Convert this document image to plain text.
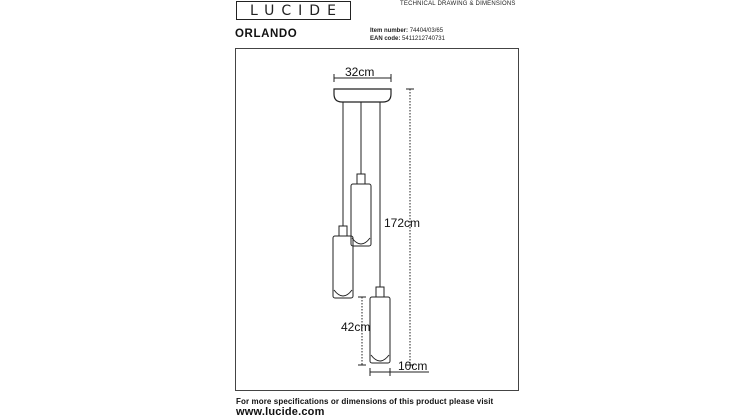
LUCIDE	TECHNICAL DRAWING & DIMENSIONS
ORLANDO	Item number: 74404/03/65
EAN code: 5411212740731
32cm
172cm
42cm
10cm
For more specifications or dimensions of this product please visit
www.lucide.com
